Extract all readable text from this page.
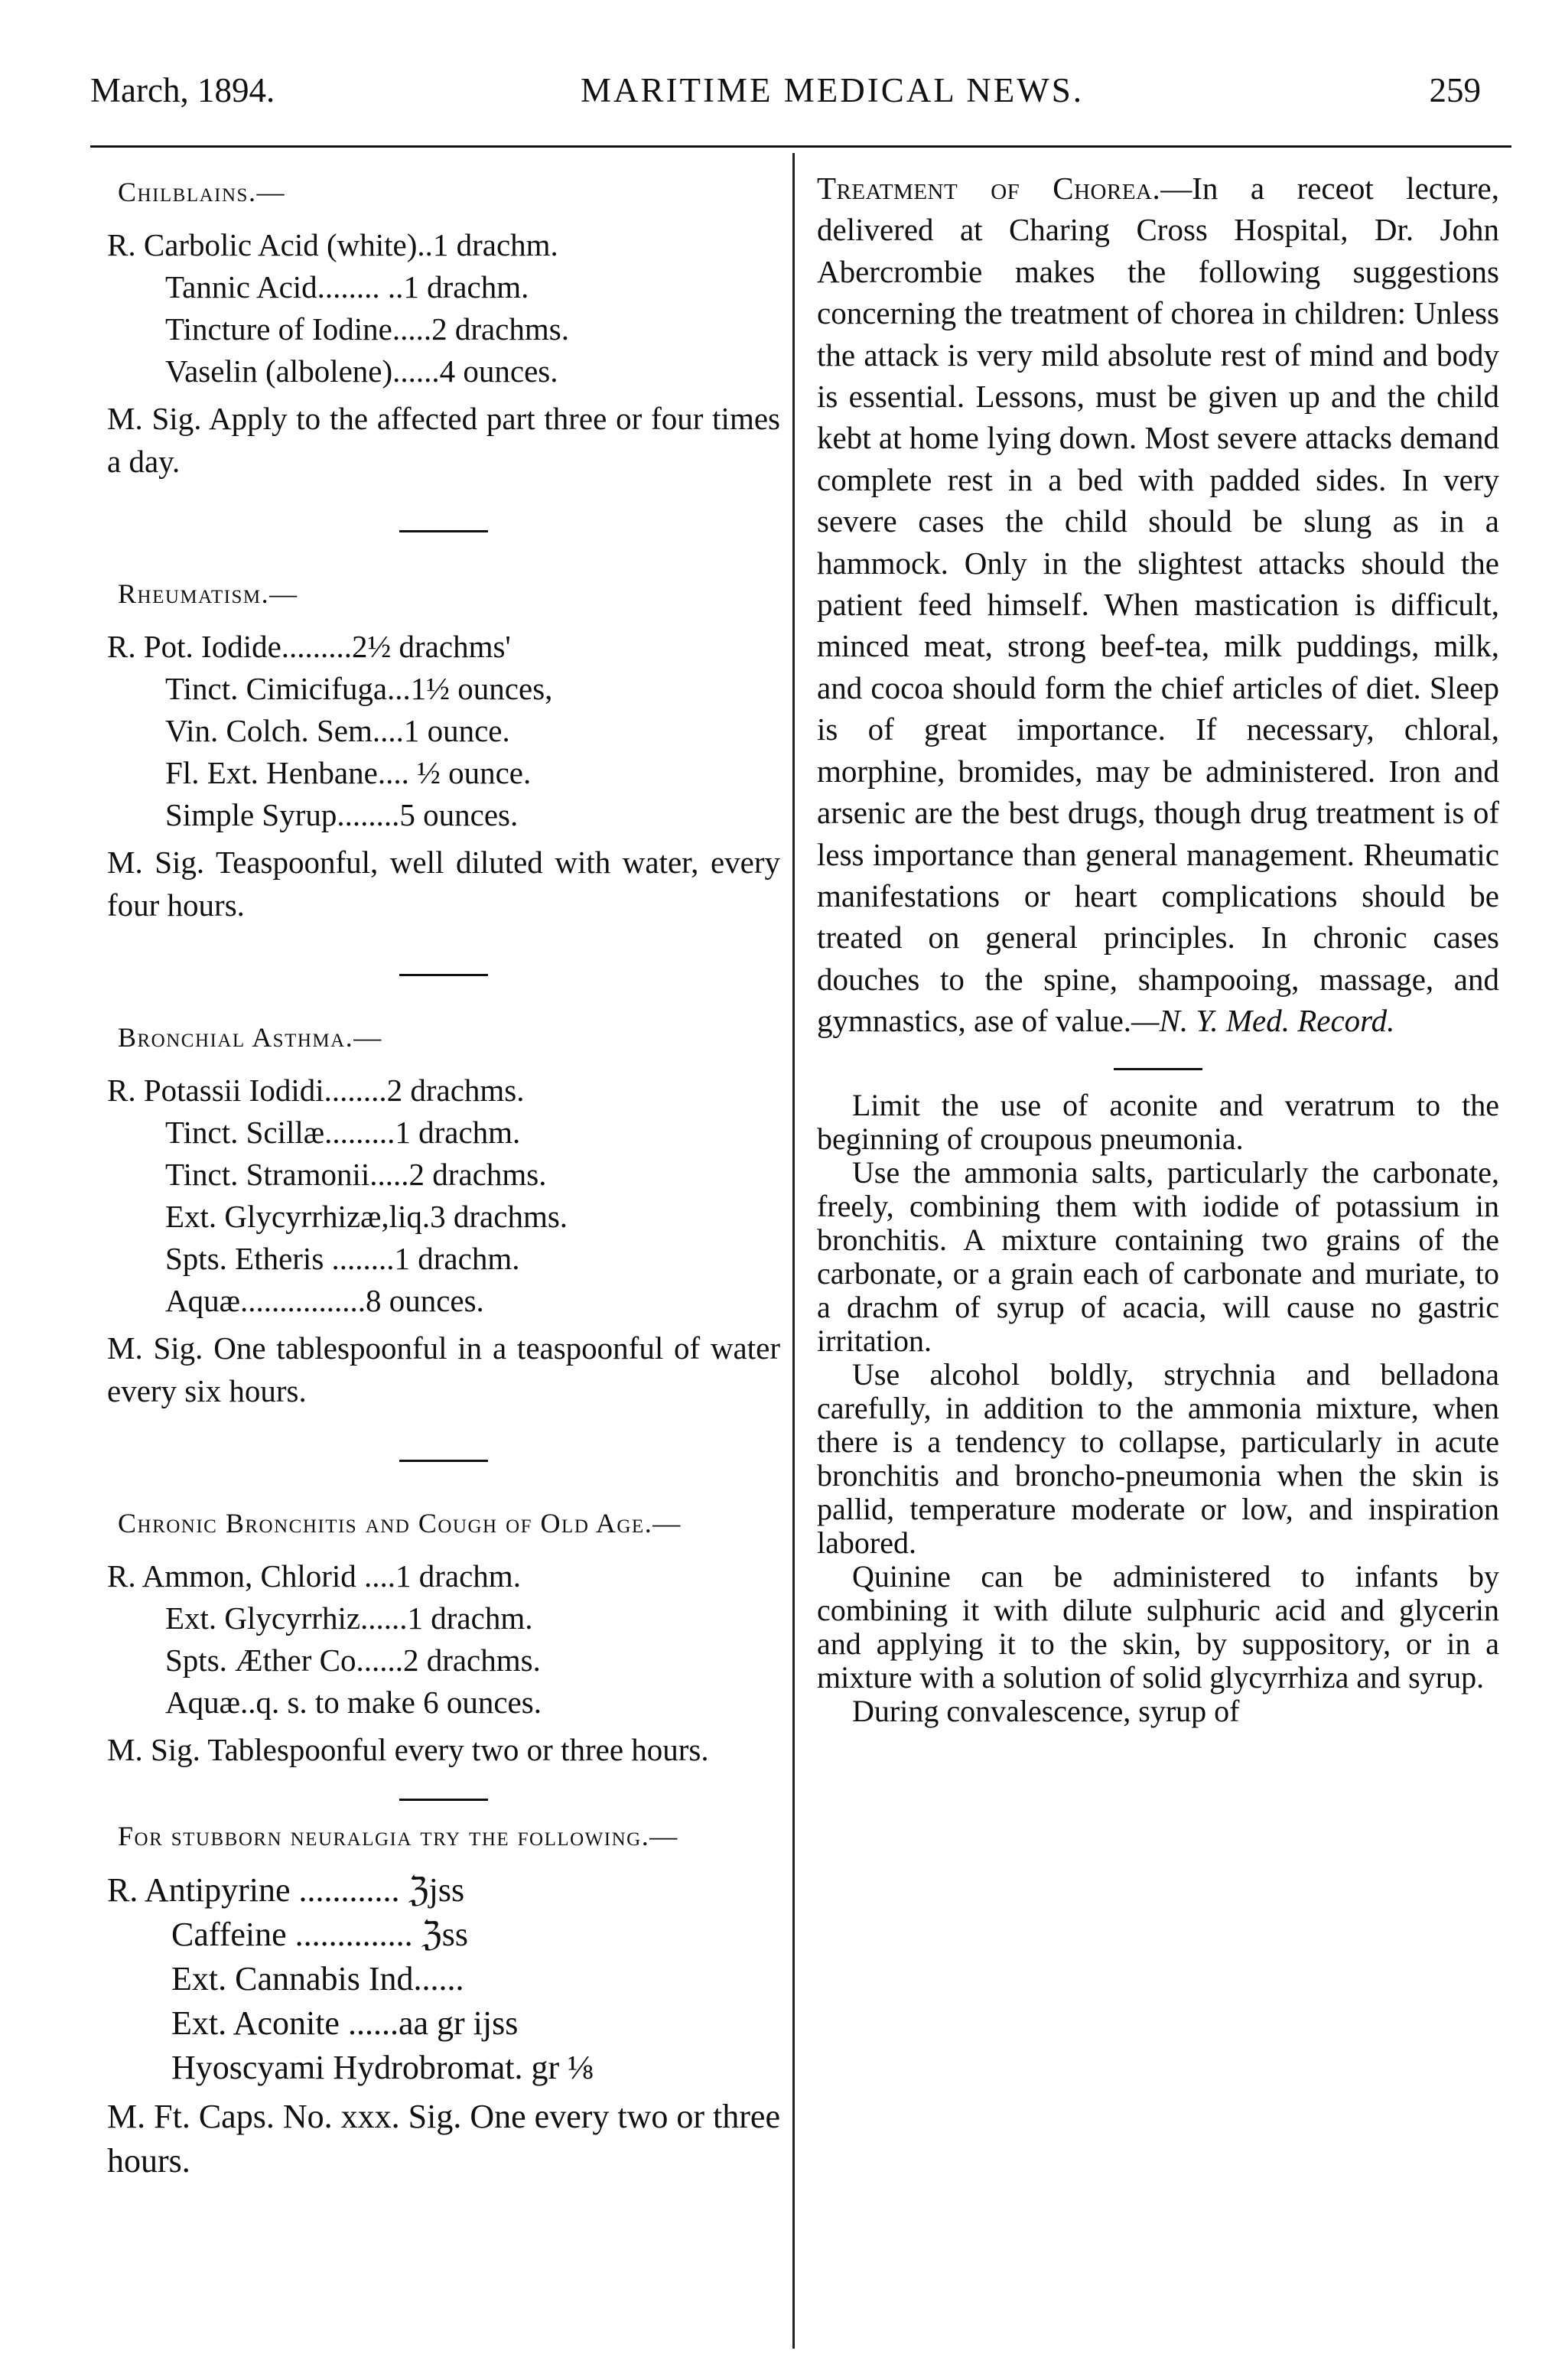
March, 1894.	MARITIME MEDICAL NEWS.	259
Chilblains.—
R. Carbolic Acid (white)..1 drachm.
Tannic Acid........ ..1 drachm.
Tincture of Iodine.....2 drachms.
Vaselin (albolene)......4 ounces.
M. Sig. Apply to the affected part three or four times a day.
Rheumatism.—
R. Pot. Iodide.........2½ drachms'
Tinct. Cimicifuga...1½ ounces,
Vin. Colch. Sem....1 ounce.
Fl. Ext. Henbane.... ½ ounce.
Simple Syrup........5 ounces.
M. Sig. Teaspoonful, well diluted with water, every four hours.
Bronchial Asthma.—
R. Potassii Iodidi........2 drachms.
Tinct. Scillæ.........1 drachm.
Tinct. Stramonii.....2 drachms.
Ext. Glycyrrhizæ,liq.3 drachms.
Spts. Etheris ........1 drachm.
Aquæ................8 ounces.
M. Sig. One tablespoonful in a teaspoonful of water every six hours.
Chronic Bronchitis and Cough of Old Age.—
R. Ammon, Chlorid ....1 drachm.
Ext. Glycyrrhiz......1 drachm.
Spts. Æther Co......2 drachms.
Aquæ..q. s. to make 6 ounces.
M. Sig. Tablespoonful every two or three hours.
For stubborn neuralgia try the following.—
R. Antipyrine ............ ℨjss
Caffeine .............. ℨss
Ext. Cannabis Ind......
Ext. Aconite ......aa gr ijss
Hyoscyami Hydrobromat. gr ⅛
M. Ft. Caps. No. xxx. Sig. One every two or three hours.
Treatment of Chorea.—In a receot lecture, delivered at Charing Cross Hospital, Dr. John Abercrombie makes the following suggestions concerning the treatment of chorea in children: Unless the attack is very mild absolute rest of mind and body is essential. Lessons, must be given up and the child kebt at home lying down. Most severe attacks demand complete rest in a bed with padded sides. In very severe cases the child should be slung as in a hammock. Only in the slightest attacks should the patient feed himself. When mastication is difficult, minced meat, strong beef-tea, milk puddings, milk, and cocoa should form the chief articles of diet. Sleep is of great importance. If necessary, chloral, morphine, bromides, may be administered. Iron and arsenic are the best drugs, though drug treatment is of less importance than general management. Rheumatic manifestations or heart complications should be treated on general principles. In chronic cases douches to the spine, shampooing, massage, and gymnastics, ase of value.—N. Y. Med. Record.

Limit the use of aconite and veratrum to the beginning of croupous pneumonia.

Use the ammonia salts, particularly the carbonate, freely, combining them with iodide of potassium in bronchitis. A mixture containing two grains of the carbonate, or a grain each of carbonate and muriate, to a drachm of syrup of acacia, will cause no gastric irritation.

Use alcohol boldly, strychnia and belladona carefully, in addition to the ammonia mixture, when there is a tendency to collapse, particularly in acute bronchitis and broncho-pneumonia when the skin is pallid, temperature moderate or low, and inspiration labored.

Quinine can be administered to infants by combining it with dilute sulphuric acid and glycerin and applying it to the skin, by suppository, or in a mixture with a solution of solid glycyrrhiza and syrup.

During convalescence, syrup of
